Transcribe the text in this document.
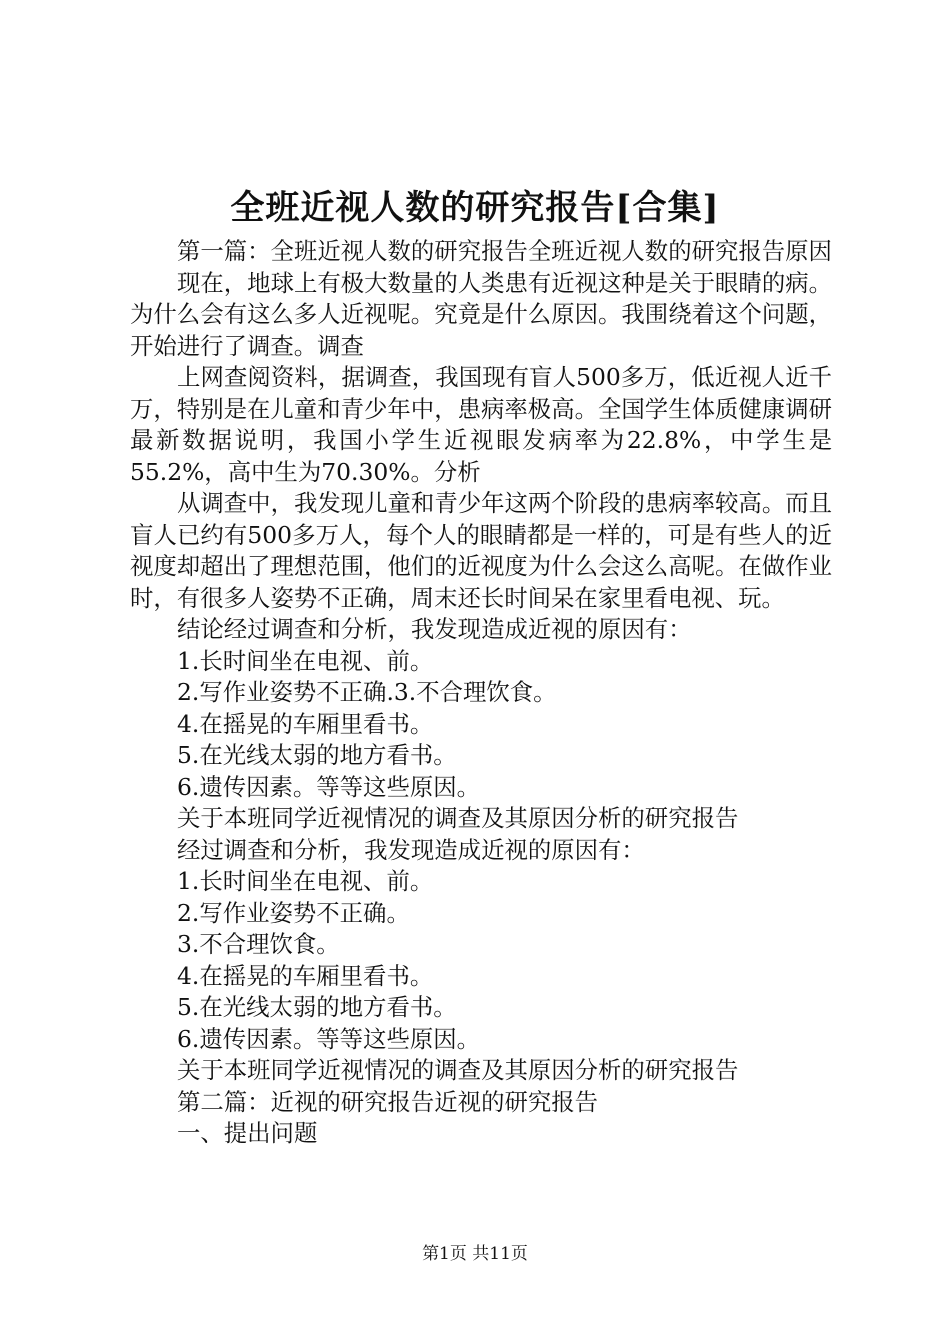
全班近视人数的研究报告[合集]

第一篇：全班近视人数的研究报告全班近视人数的研究报告原因

现在，地球上有极大数量的人类患有近视这种是关于眼睛的病。为什么会有这么多人近视呢。究竟是什么原因。我围绕着这个问题，开始进行了调查。调查

上网查阅资料，据调查，我国现有盲人500多万，低近视人近千万，特别是在儿童和青少年中，患病率极高。全国学生体质健康调研最新数据说明，我国小学生近视眼发病率为22.8%，中学生是55.2%，高中生为70.30%。分析

从调查中，我发现儿童和青少年这两个阶段的患病率较高。而且盲人已约有500多万人，每个人的眼睛都是一样的，可是有些人的近视度却超出了理想范围，他们的近视度为什么会这么高呢。在做作业时，有很多人姿势不正确，周末还长时间呆在家里看电视、玩。

结论经过调查和分析，我发现造成近视的原因有：

1.长时间坐在电视、前。

2.写作业姿势不正确.3.不合理饮食。

4.在摇晃的车厢里看书。

5.在光线太弱的地方看书。

6.遗传因素。等等这些原因。

关于本班同学近视情况的调查及其原因分析的研究报告

经过调查和分析，我发现造成近视的原因有：

1.长时间坐在电视、前。

2.写作业姿势不正确。

3.不合理饮食。

4.在摇晃的车厢里看书。

5.在光线太弱的地方看书。

6.遗传因素。等等这些原因。

关于本班同学近视情况的调查及其原因分析的研究报告

第二篇：近视的研究报告近视的研究报告

一、提出问题

第1页 共11页
